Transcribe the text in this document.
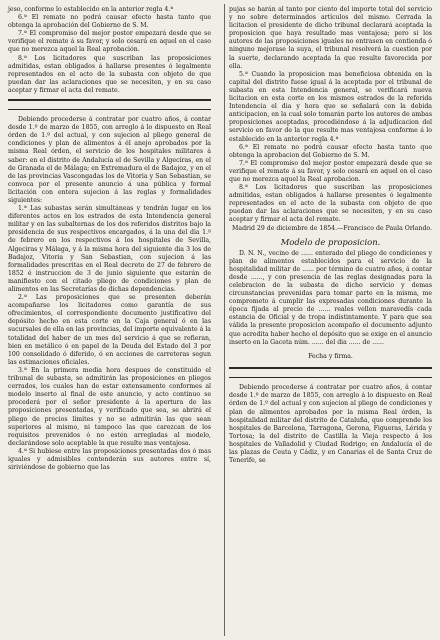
jeso, conforme lo establecido en la anterior regla 4.ª

6.ª El remate no podrá causar efecto hasta tanto que obtenga la aprobación del Gobierno de S. M.

7.ª El compromiso del mejor postor empezará desde que se verifique el remate á su favor, y solo cesará en aquel en el caso que no merezca aquel la Real aprobación.

8.ª Los licitadores que suscriban las proposiciones admitidas, estan obligados á hallarse presentes ó legalmente representados en el acto de la subasta con objeto de que puedan dar las aclaraciones que se necesiten, y en su caso aceptar y firmar el acta del remate.

Debiendo procederse á contratar por cuatro años, á contar desde 1.º de marzo de 1855, con arreglo á lo dispuesto en Real órden de 1.º del actual, y con sujecion al pliego general de condiciones y plan de alimentos á él anejo aprobados por la misma Real órden, el servicio de los hospitales militares á saber: en el distrito de Andalucía el de Sevilla y Algeciras, en el de Granada el de Málaga; en Extremadura el de Badajoz, y en el de las provincias Vascongadas los de Vitoria y San Sebastian, se convoca por el presente anuncio á una pública y formal licitación con entera sujecion á las reglas y formalidades siguientes:

1.ª Las subastas serán simultáneas y tendrán lugar en los diferentes actos en los estrados de esta Intendencia general militar y en las subalternas de los dos referidos distritos bajo la presidencia de sus respectivos encargados, á la una del dia 1.º de febrero en los respectivos á los hospitales de Sevilla, Algeciras y Málaga, y á la misma hora del siguiente dia 3 los de Badajoz, Vitoria y San Sebastian, con sujecion á las formalidades prescritas en el Real decreto de 27 de febrero de 1852 é instruccion de 3 de junio siguiente que estarán de manifiesto con el citado pliego de condiciones y plan de alimentos en las Secretarías de dichas dependencias.

2.ª Las proposiciones que se presenten deberán acompañarse los licitadores como garantía de sus ofrecimientos, el correspondiente documento justificativo del depósito hecho en esta corte en la Caja general ó en las sucursales de ella en las provincias, del importe equivalente á la totalidad del haber de un mes del servicio á que se refieran, bien en metálico ó en papel de la Deuda del Estado del 3 por 100 consolidado ó diferido, ó en acciones de carreteras segun las estimaciones oficiales.

3.ª En la primera media hora despues de constituido el tribunal de subasta, se admitirán las proposiciones en pliegos cerrados, los cuales han de estar extensamente conformes al modelo inserto al final de este anuncio, y acto continuo se procederá por el señor presidente á la apertura de las proposiciones presentadas, y verificado que sea, se abrirá el pliego de precios límites y no se admitirán las que sean superiores al mismo, ni tampoco las que carezcan de los requisitos prevenidos ó no estén arregladas al modelo, declarándose solo aceptable la que resulte mas ventajosa.

4.ª Si hubiese entre las proposiciones presentadas dos ó mas iguales y admisibles contenderán sus autores entre sí, siriviéndose de gobierno que las

pujas se harán al tanto por ciento del importe total del servicio y no sobre determinados artículos del mismo. Cerrada la licitacion el presidente de dicho tribunal declarará aceptada la proposicion que haya resultado mas ventajosa; pero si los autores de las proposiciones iguales no entrasen en contienda ó ninguno mejorase la suya, el tribunal resolverá la cuestion por la suerte, declarando aceptada la que resulte favorecida por ella.

5.ª Cuando la proposicion mas beneficiosa obtenida en la capital del distrito fuese igual á la aceptada por el tribunal de subasta en esta Intendencia general, se verificará nueva licitacion en esta corte en los mismos estrados de la referida Intendencia el dia y hora que se señalará con la debida anticipacion, en la cual solo tomarán parte los autores de ambas proposiciones aceptadas, procediéndose á la adjudicacion del servicio en favor de la que resulte mas ventajosa conforme á lo establecido en la anterior regla 4.ª

6.ª El remate no podrá causar efecto hasta tanto que obtenga la aprobacion del Gobierno de S. M.

7.ª El compromiso del mejor postor empezará desde que se verifique el remate á su favor, y solo cesará en aquel en el caso que no merezca aquel la Real aprobacion.

8.ª Los licitadores que suscriban las proposiciones admitidas, estan obligados á hallarse presentes ó legalmente representados en el acto de la subasta con objeto de que puedan dar las aclaraciones que se necesiten, y en su caso aceptar y firmar el acta del remate.

Madrid 29 de diciembre de 1854.—Francisco de Paula Orlando.

Modelo de proposicion.

D. N. N., vecino de ...... enterado del pliego de condiciones y plan de alimentos establecidos para el servicio de la hospitalidad militar de ...... por término de cuatro años, á contar desde ......, y con presencia de las reglas designadas para la celebracion de la subasta de dicho servicio y demas circunstancias prevenidas para tomar parte en la misma, me comprometo á cumplir las expresadas condiciones durante la época fijada al precio de ...... reales vellon maravedís cada estancia de Oficial y de tropa indistintamente. Y para que sea válida la presente proposicion acompaño el documento adjunto que acredita haber hecho el depósito que se exige en el anuncio inserto en la Gaceta núm. ...... del dia ...... de ......

Fecha y firma.

Debiendo procederse á contratar por cuatro años, á contar desde 1.º de marzo de 1855, con arreglo á lo dispuesto en Real órden de 1.º del actual y con sujecion al pliego de condiciones y plan de alimentos aprobados por la misma Real órden, la hospitalidad militar del distrito de Cataluña, que comprende los hospitales de Barcelona, Tarragona, Gerona, Figueras, Lérida y Tortosa; la del distrito de Castilla la Vieja respecto á los hospitales de Valladolid y Ciudad Rodrigo; en Andalucía el de las plazas de Ceuta y Cádiz, y en Canarias el de Santa Cruz de Tenerife, se
